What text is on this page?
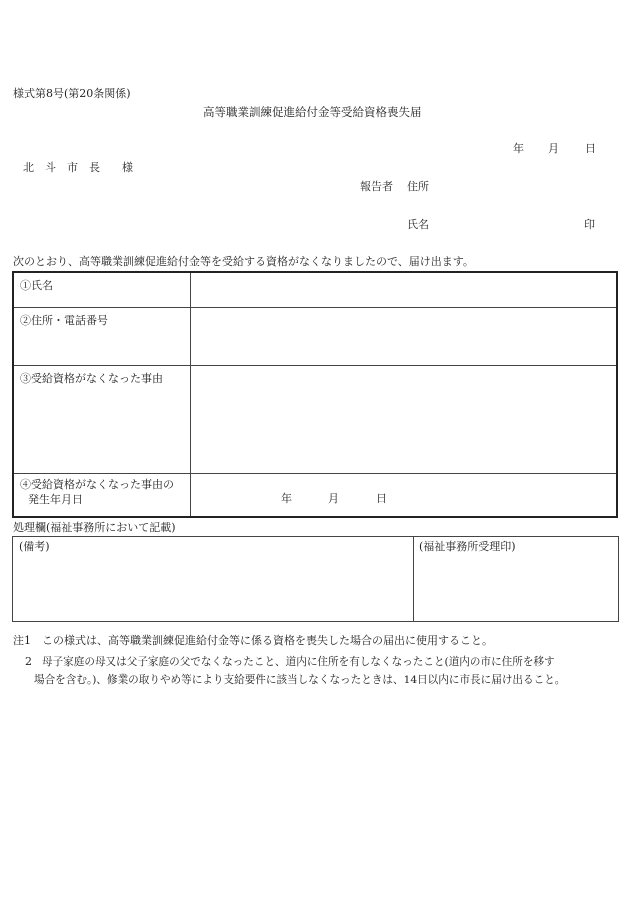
様式第8号(第20条関係)
高等職業訓練促進給付金等受給資格喪失届
年 月 日
北　斗　市　長　　様
報告者 住所
氏名	印
次のとおり、高等職業訓練促進給付金等を受給する資格がなくなりましたので、届け出ます。
①氏名
②住所・電話番号
③受給資格がなくなった事由
④受給資格がなくなった事由の
発生年月日	年	月	日
処理欄(福祉事務所において記載)
(備考)	(福祉事務所受理印)
注1 この様式は、高等職業訓練促進給付金等に係る資格を喪失した場合の届出に使用すること。
2 母子家庭の母又は父子家庭の父でなくなったこと、道内に住所を有しなくなったこと(道内の市に住所を移す
場合を含む。)、修業の取りやめ等により支給要件に該当しなくなったときは、14日以内に市長に届け出ること。
